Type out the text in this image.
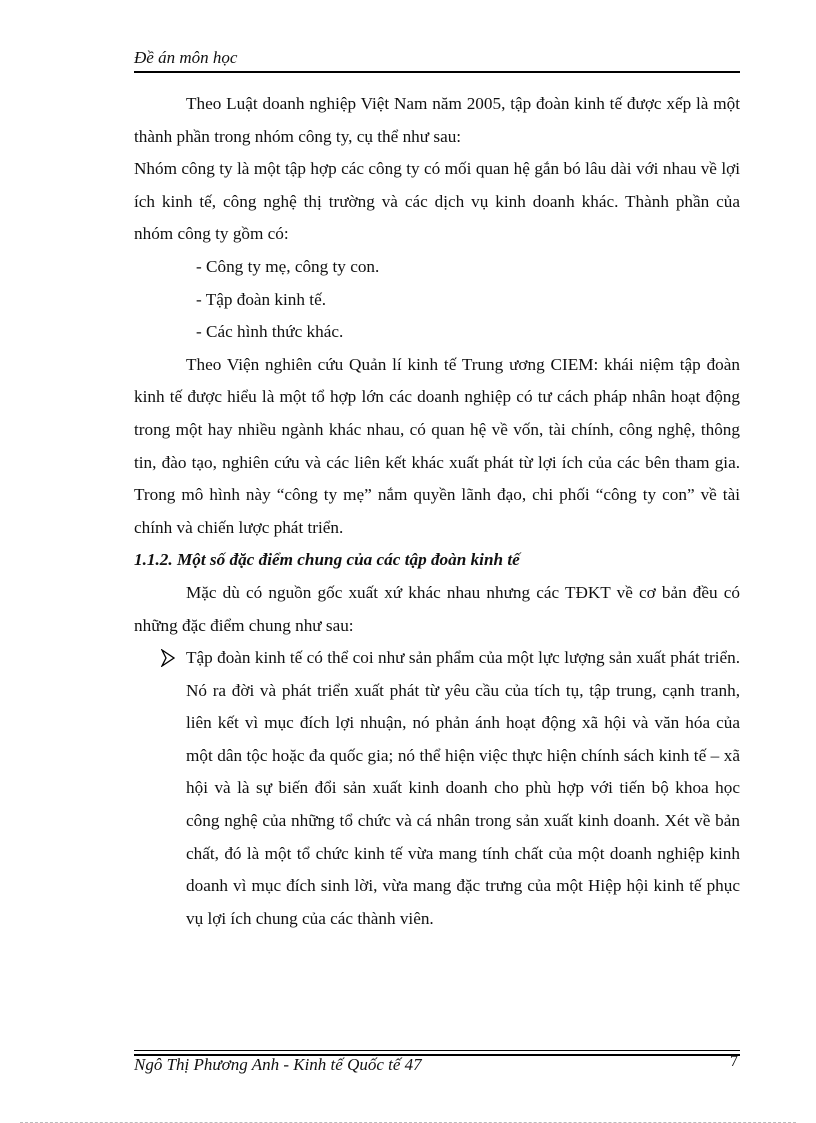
Đề án môn học

Theo Luật doanh nghiệp Việt Nam năm 2005, tập đoàn kinh tế được xếp là một thành phần trong nhóm công ty, cụ thể như sau:

Nhóm công ty là một tập hợp các công ty có mối quan hệ gắn bó lâu dài với nhau về lợi ích kinh tế, công nghệ thị trường và các dịch vụ kinh doanh khác. Thành phần của nhóm công ty gồm có:

- Công ty mẹ, công ty con.

- Tập đoàn kinh tế.

- Các hình thức khác.

Theo Viện nghiên cứu Quản lí kinh tế Trung ương CIEM: khái niệm tập đoàn kinh tế được hiểu là một tổ hợp lớn các doanh nghiệp có tư cách pháp nhân hoạt động trong một hay nhiều ngành khác nhau, có quan hệ về vốn, tài chính, công nghệ, thông tin, đào tạo, nghiên cứu và các liên kết khác xuất phát từ lợi ích của các bên tham gia. Trong mô hình này “công ty mẹ” nắm quyền lãnh đạo, chi phối “công ty con” về tài chính và chiến lược phát triển.

1.1.2. Một số đặc điểm chung của các tập đoàn kinh tế

Mặc dù có nguồn gốc xuất xứ khác nhau nhưng các TĐKT về cơ bản đều có những đặc điểm chung như sau:

Tập đoàn kinh tế có thể coi như sản phẩm của một lực lượng sản xuất phát triển. Nó ra đời và phát triển xuất phát từ yêu cầu của tích tụ, tập trung, cạnh tranh, liên kết vì mục đích lợi nhuận, nó phản ánh hoạt động xã hội và văn hóa của một dân tộc hoặc đa quốc gia; nó thể hiện việc thực hiện chính sách kinh tế – xã hội và là sự biến đổi sản xuất kinh doanh cho phù hợp với tiến bộ khoa học công nghệ của những tổ chức và cá nhân trong sản xuất kinh doanh. Xét về bản chất, đó là một tổ chức kinh tế vừa mang tính chất của một doanh nghiệp kinh doanh vì mục đích sinh lời, vừa mang đặc trưng của một Hiệp hội kinh tế phục vụ lợi ích chung của các thành viên.
Ngô Thị Phương Anh - Kinh tế Quốc tế 47	7
